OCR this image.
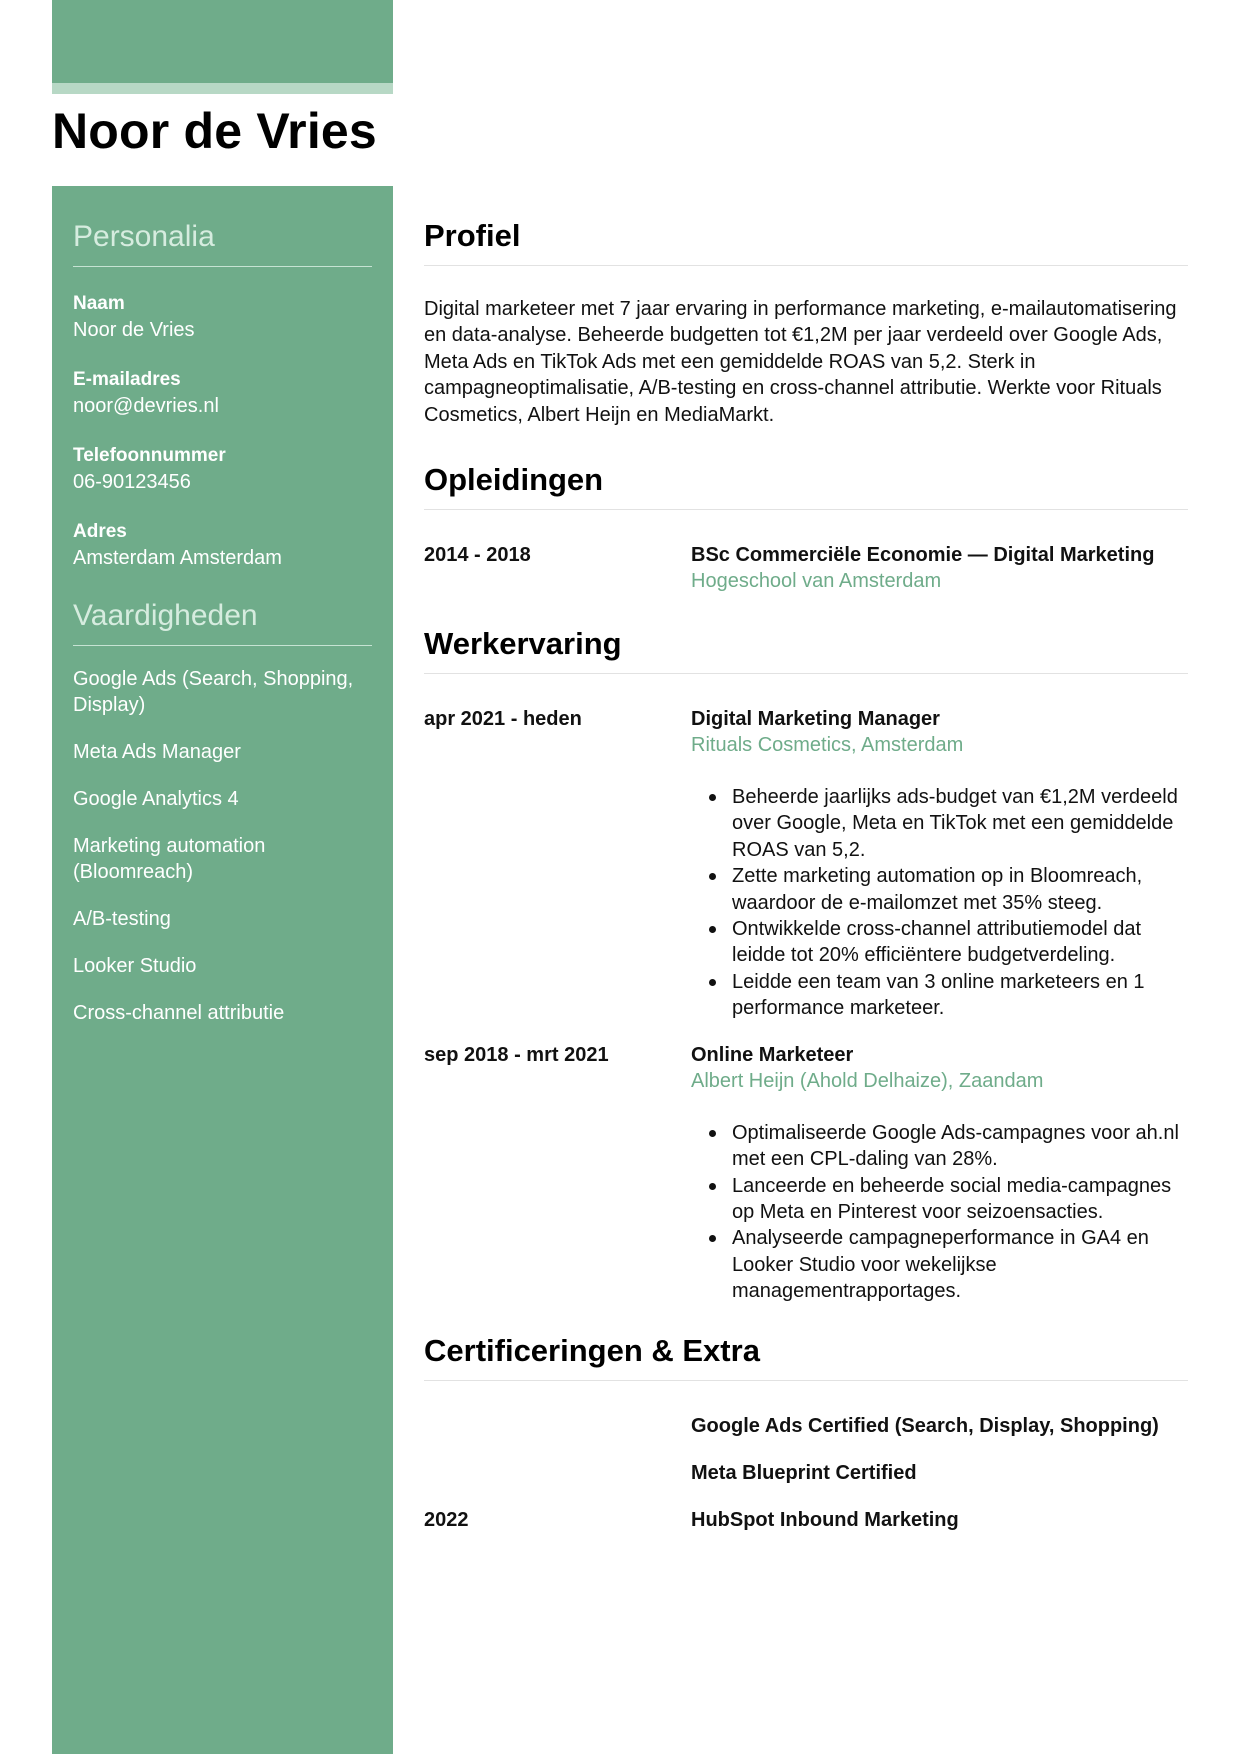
Noor de Vries
Personalia
Naam
Noor de Vries
E-mailadres
noor@devries.nl
Telefoonnummer
06-90123456
Adres
Amsterdam Amsterdam
Vaardigheden
Google Ads (Search, Shopping, Display)
Meta Ads Manager
Google Analytics 4
Marketing automation (Bloomreach)
A/B-testing
Looker Studio
Cross-channel attributie
Profiel

Digital marketeer met 7 jaar ervaring in performance marketing, e-mailautomatisering en data-analyse. Beheerde budgetten tot €1,2M per jaar verdeeld over Google Ads, Meta Ads en TikTok Ads met een gemiddelde ROAS van 5,2. Sterk in campagneoptimalisatie, A/B-testing en cross-channel attributie. Werkte voor Rituals Cosmetics, Albert Heijn en MediaMarkt.

Opleidingen
2014 - 2018	BSc Commerciële Economie — Digital Marketing
Hogeschool van Amsterdam
Werkervaring
apr 2021 - heden	Digital Marketing Manager
Rituals Cosmetics, Amsterdam
Beheerde jaarlijks ads-budget van €1,2M verdeeld over Google, Meta en TikTok met een gemiddelde ROAS van 5,2.
Zette marketing automation op in Bloomreach, waardoor de e-mailomzet met 35% steeg.
Ontwikkelde cross-channel attributiemodel dat leidde tot 20% efficiëntere budgetverdeling.
Leidde een team van 3 online marketeers en 1 performance marketeer.
sep 2018 - mrt 2021	Online Marketeer
Albert Heijn (Ahold Delhaize), Zaandam
Optimaliseerde Google Ads-campagnes voor ah.nl met een CPL-daling van 28%.
Lanceerde en beheerde social media-campagnes op Meta en Pinterest voor seizoensacties.
Analyseerde campagneperformance in GA4 en Looker Studio voor wekelijkse managementrapportages.
Certificeringen & Extra
Google Ads Certified (Search, Display, Shopping)
Meta Blueprint Certified
2022	HubSpot Inbound Marketing
